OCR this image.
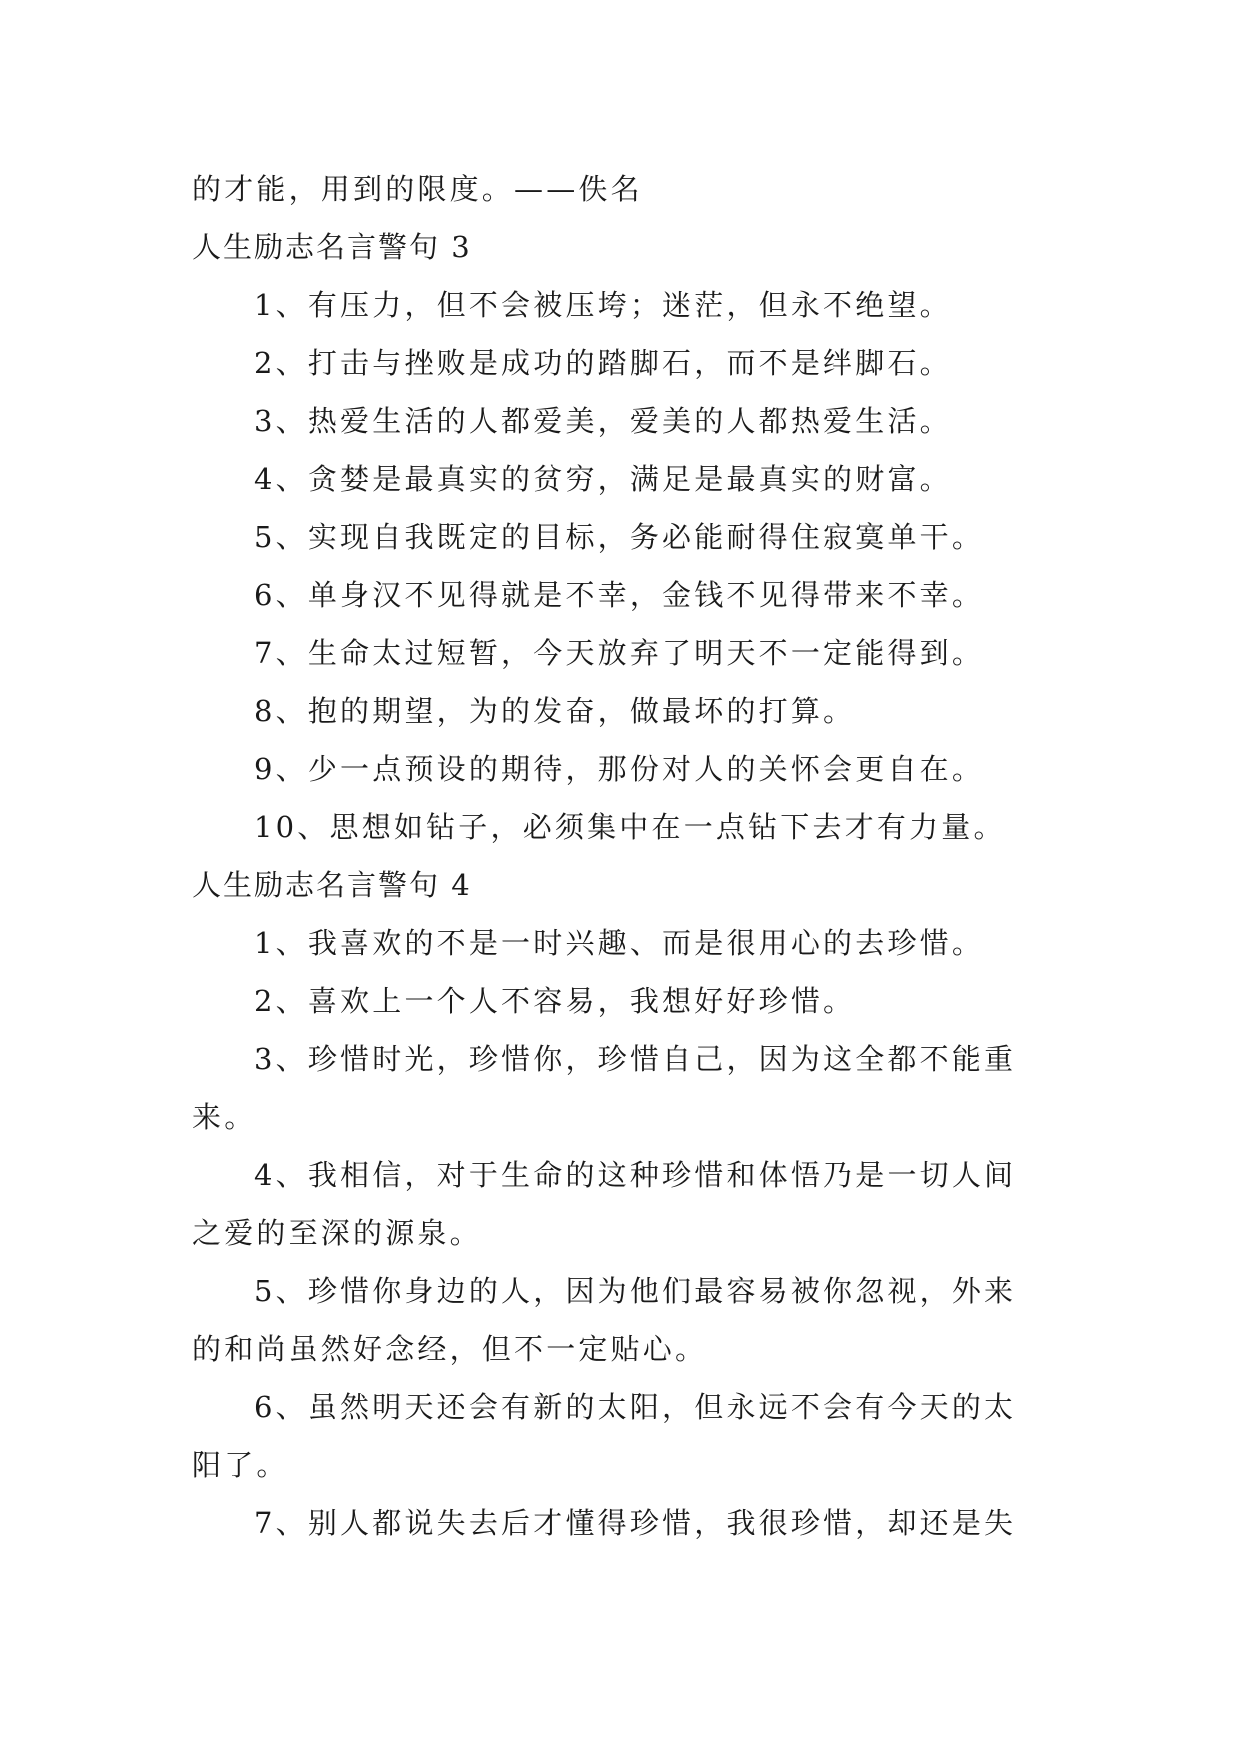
的才能，用到的限度。——佚名

人生励志名言警句 3

1、有压力，但不会被压垮；迷茫，但永不绝望。

2、打击与挫败是成功的踏脚石，而不是绊脚石。

3、热爱生活的人都爱美，爱美的人都热爱生活。

4、贪婪是最真实的贫穷，满足是最真实的财富。

5、实现自我既定的目标，务必能耐得住寂寞单干。

6、单身汉不见得就是不幸，金钱不见得带来不幸。

7、生命太过短暂，今天放弃了明天不一定能得到。

8、抱的期望，为的发奋，做最坏的打算。

9、少一点预设的期待，那份对人的关怀会更自在。

10、思想如钻子，必须集中在一点钻下去才有力量。

人生励志名言警句 4

1、我喜欢的不是一时兴趣、而是很用心的去珍惜。

2、喜欢上一个人不容易，我想好好珍惜。

3、珍惜时光，珍惜你，珍惜自己，因为这全都不能重

来。

4、我相信，对于生命的这种珍惜和体悟乃是一切人间

之爱的至深的源泉。

5、珍惜你身边的人，因为他们最容易被你忽视，外来

的和尚虽然好念经，但不一定贴心。

6、虽然明天还会有新的太阳，但永远不会有今天的太

阳了。

7、别人都说失去后才懂得珍惜，我很珍惜，却还是失
